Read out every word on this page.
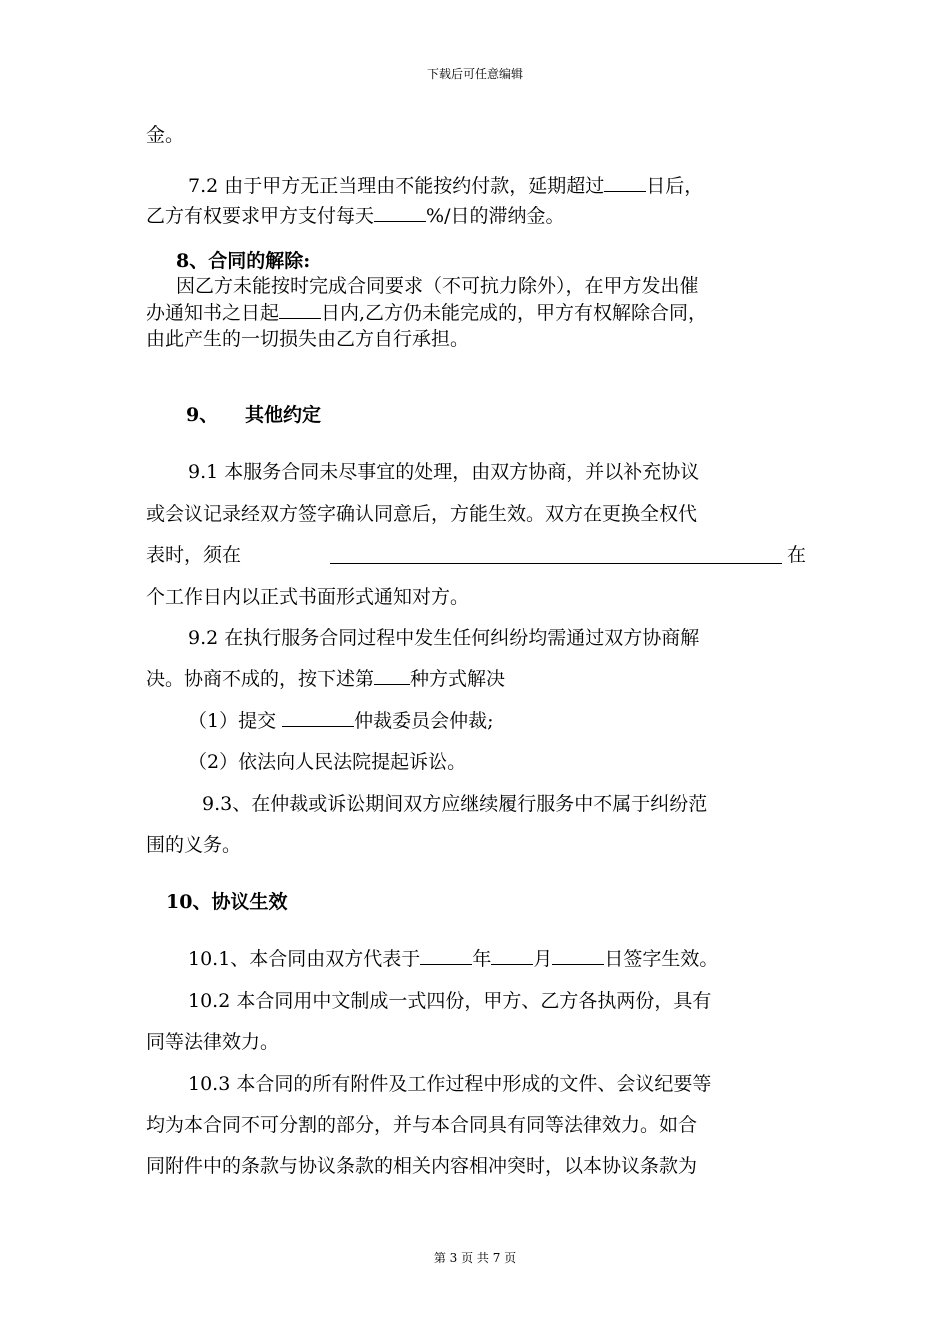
下载后可任意编辑
金。
7.2 由于甲方无正当理由不能按约付款，延期超过 日后，
乙方有权要求甲方支付每天	%/日的滞纳金。
8、合同的解除:
因乙方未能按时完成合同要求（不可抗力除外），在甲方发出催
办通知书之日起 日内,乙方仍未能完成的，甲方有权解除合同，
由此产生的一切损失由乙方自行承担。
9、 其他约定
9.1 本服务合同未尽事宜的处理，由双方协商，并以补充协议
或会议记录经双方签字确认同意后，方能生效。双方在更换全权代
表时，须在	在
个工作日内以正式书面形式通知对方。
9.2 在执行服务合同过程中发生任何纠纷均需通过双方协商解
决。协商不成的，按下述第 种方式解决
（1）提交	仲裁委员会仲裁;
（2）依法向人民法院提起诉讼。
9.3、在仲裁或诉讼期间双方应继续履行服务中不属于纠纷范
围的义务。
10、协议生效
10.1、本合同由双方代表于	年 月	日签字生效。
10.2 本合同用中文制成一式四份，甲方、乙方各执两份，具有
同等法律效力。
10.3 本合同的所有附件及工作过程中形成的文件、会议纪要等
均为本合同不可分割的部分，并与本合同具有同等法律效力。如合
同附件中的条款与协议条款的相关内容相冲突时，以本协议条款为
第 3 页 共 7 页
